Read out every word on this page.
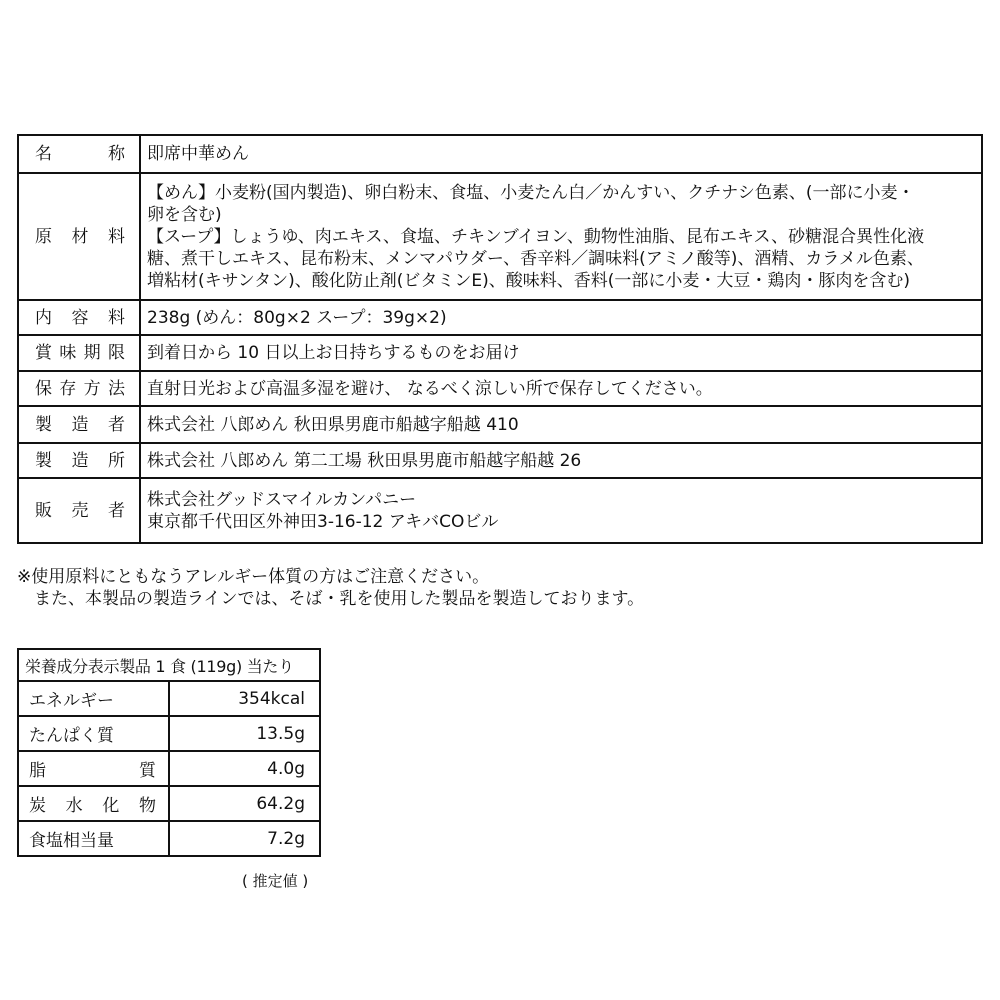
名 称	即席中華めん

原 材 料	【めん】小麦粉(国内製造)、卵白粉末、食塩、小麦たん白／かんすい、クチナシ色素、(一部に小麦・
卵を含む)
【スープ】しょうゆ、肉エキス、食塩、チキンブイヨン、動物性油脂、昆布エキス、砂糖混合異性化液
糖、煮干しエキス、昆布粉末、メンマパウダー、香辛料／調味料(アミノ酸等)、酒精、カラメル色素、
増粘材(キサンタン)、酸化防止剤(ビタミンE)、酸味料、香料(一部に小麦・大豆・鶏肉・豚肉を含む)

内 容 料	238g (めん：80g×2 スープ：39g×2)

賞 味 期 限	到着日から 10 日以上お日持ちするものをお届け

保 存 方 法	直射日光および高温多湿を避け、 なるべく涼しい所で保存してください。

製 造 者	株式会社 八郎めん 秋田県男鹿市船越字船越 410

製 造 所	株式会社 八郎めん 第二工場 秋田県男鹿市船越字船越 26

販 売 者	株式会社グッドスマイルカンパニー
東京都千代田区外神田3-16-12 アキバCOビル
※使用原料にともなうアレルギー体質の方はご注意ください。
　また、本製品の製造ラインでは、そば・乳を使用した製品を製造しております。
栄養成分表示製品 1 食 (119g) 当たり	

エネルギー	354kcal

たんぱく質	13.5g

脂 質	4.0g

炭 水 化 物	64.2g

食塩相当量	7.2g
( 推定値 )
